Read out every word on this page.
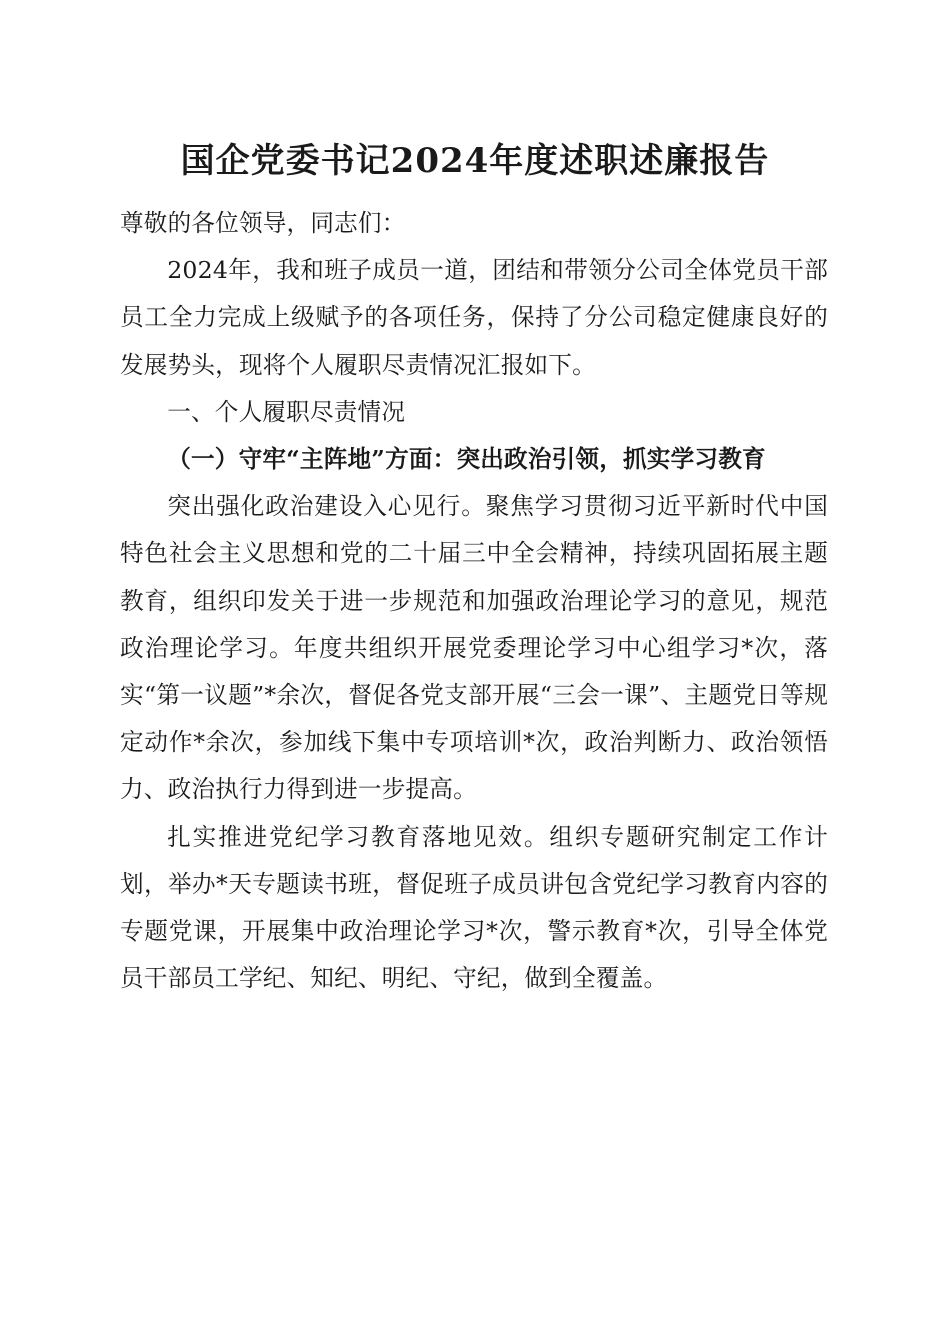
国企党委书记2024年度述职述廉报告

尊敬的各位领导，同志们：

2024年，我和班子成员一道，团结和带领分公司全体党员干部员工全力完成上级赋予的各项任务，保持了分公司稳定健康良好的发展势头，现将个人履职尽责情况汇报如下。

一、个人履职尽责情况

（一）守牢“主阵地”方面：突出政治引领，抓实学习教育

突出强化政治建设入心见行。聚焦学习贯彻习近平新时代中国特色社会主义思想和党的二十届三中全会精神，持续巩固拓展主题教育，组织印发关于进一步规范和加强政治理论学习的意见，规范政治理论学习。年度共组织开展党委理论学习中心组学习*次，落实“第一议题”*余次，督促各党支部开展“三会一课”、主题党日等规定动作*余次，参加线下集中专项培训*次，政治判断力、政治领悟力、政治执行力得到进一步提高。

扎实推进党纪学习教育落地见效。组织专题研究制定工作计划，举办*天专题读书班，督促班子成员讲包含党纪学习教育内容的专题党课，开展集中政治理论学习*次，警示教育*次，引导全体党员干部员工学纪、知纪、明纪、守纪，做到全覆盖。
